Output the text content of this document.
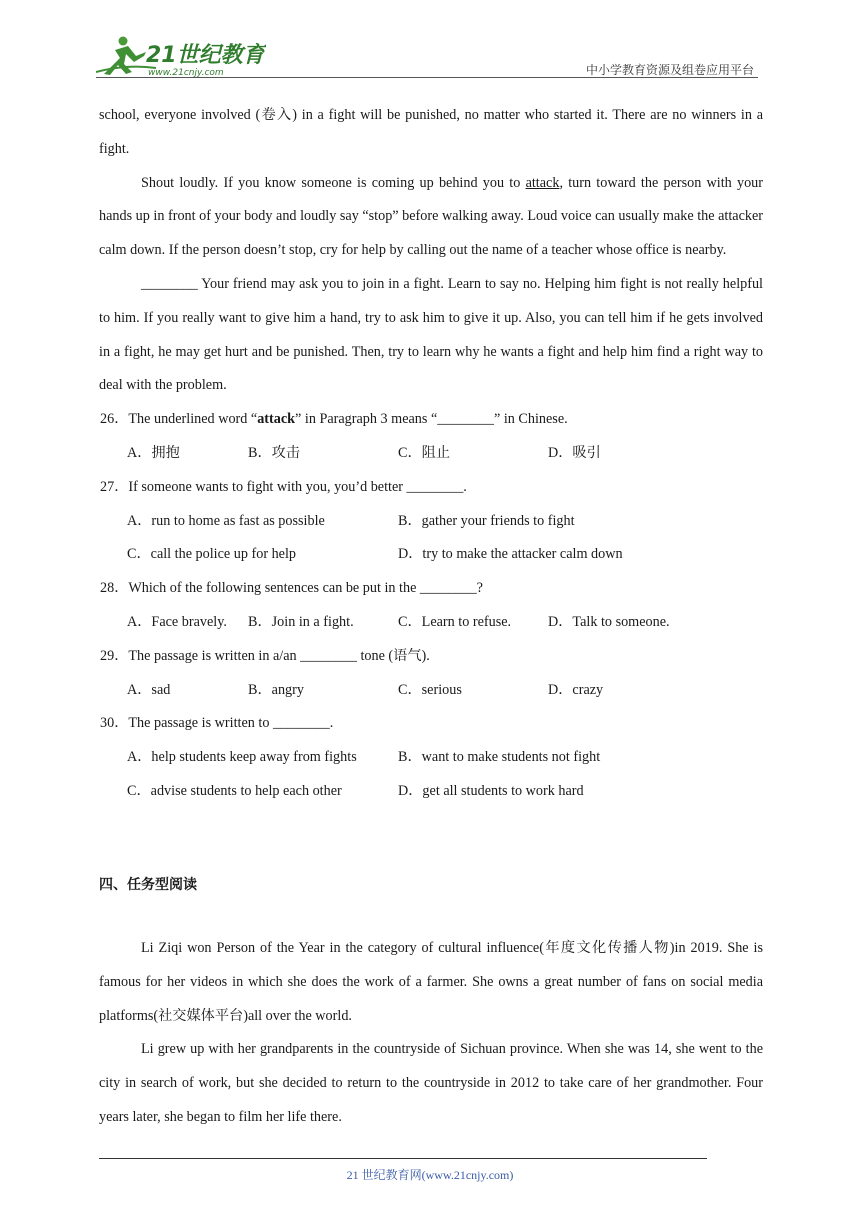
21世纪教育
www.21cnjy.com	中小学教育资源及组卷应用平台

school, everyone involved (卷入) in a fight will be punished, no matter who started it. There are no winners in a fight.

Shout loudly. If you know someone is coming up behind you to attack, turn toward the person with your hands up in front of your body and loudly say “stop” before walking away. Loud voice can usually make the attacker calm down. If the person doesn’t stop, cry for help by calling out the name of a teacher whose office is nearby.

________ Your friend may ask you to join in a fight. Learn to say no. Helping him fight is not really helpful to him. If you really want to give him a hand, try to ask him to give it up. Also, you can tell him if he gets involved in a fight, he may get hurt and be punished. Then, try to learn why he wants a fight and help him find a right way to deal with the problem.

26．The underlined word “attack” in Paragraph 3 means “________” in Chinese.

A．拥抱	B．攻击	C．阻止	D．吸引

27．If someone wants to fight with you, you’d better ________.

A．run to home as fast as possible	B．gather your friends to fight
C．call the police up for help	D．try to make the attacker calm down

28．Which of the following sentences can be put in the ________?

A．Face bravely. B．Join in a fight.	C．Learn to refuse.	D．Talk to someone.

29．The passage is written in a/an ________ tone (语气).

A．sad	B．angry	C．serious	D．crazy

30．The passage is written to ________.

A．help students keep away from fights	B．want to make students not fight
C．advise students to help each other	D．get all students to work hard
四、任务型阅读

Li Ziqi won Person of the Year in the category of cultural influence(年度文化传播人物)in 2019. She is famous for her videos in which she does the work of a farmer. She owns a great number of fans on social media platforms(社交媒体平台)all over the world.

Li grew up with her grandparents in the countryside of Sichuan province. When she was 14, she went to the city in search of work, but she decided to return to the countryside in 2012 to take care of her grandmother. Four years later, she began to film her life there.

21 世纪教育网(www.21cnjy.com)
